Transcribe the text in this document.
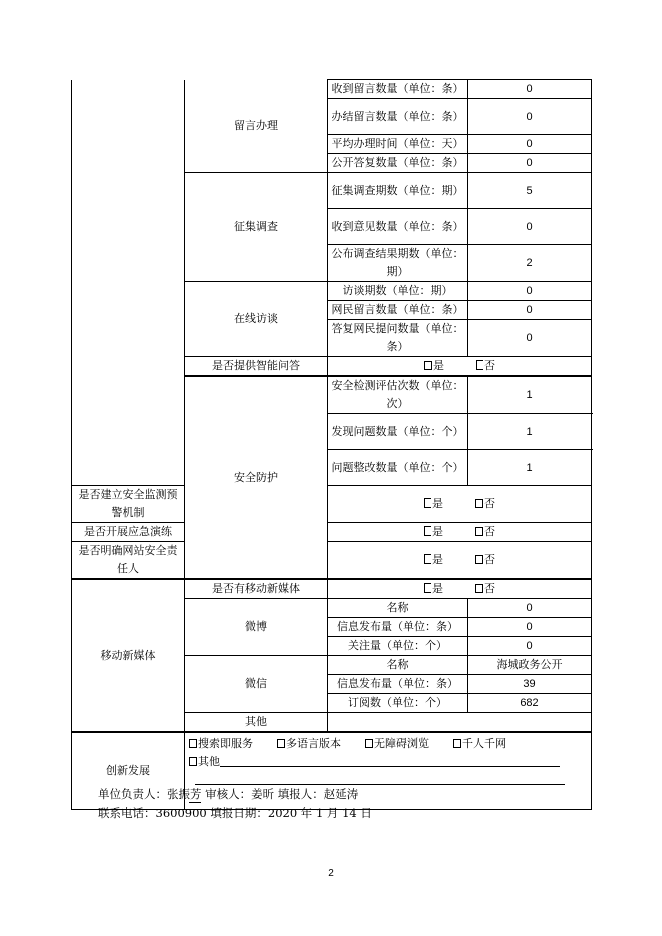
	留言办理	收到留言数量（单位：条）	0
		办结留言数量（单位：条）	0
		平均办理时间（单位：天）	0
		公开答复数量（单位：条）	0
	征集调查	征集调查期数（单位：期）	5
		收到意见数量（单位：条）	0
		公布调查结果期数（单位：期）	2
	在线访谈	访谈期数（单位：期）	0
		网民留言数量（单位：条）	0
		答复网民提问数量（单位：条）	0
	是否提供智能问答	是 否	
	安全防护	安全检测评估次数（单位：次）	1
		发现问题数量（单位：个）	1
		问题整改数量（单位：个）	1
是否建立安全监测预警机制		是 否	
是否开展应急演练		是 否	
是否明确网站安全责任人		是 否	
移动新媒体	是否有移动新媒体	是 否	
	微博	名称	0
		信息发布量（单位：条）	0
		关注量（单位：个）	0
	微信	名称	海城政务公开
		信息发布量（单位：条）	39
		订阅数（单位：个）	682
	其他		
创新发展	搜索即服务 多语言版本 无障碍浏览 千人千网
其他		
单位负责人：张振芳 审核人：姜昕 填报人：赵延涛
联系电话：3600900 填报日期：2020 年 1 月 14 日
2
